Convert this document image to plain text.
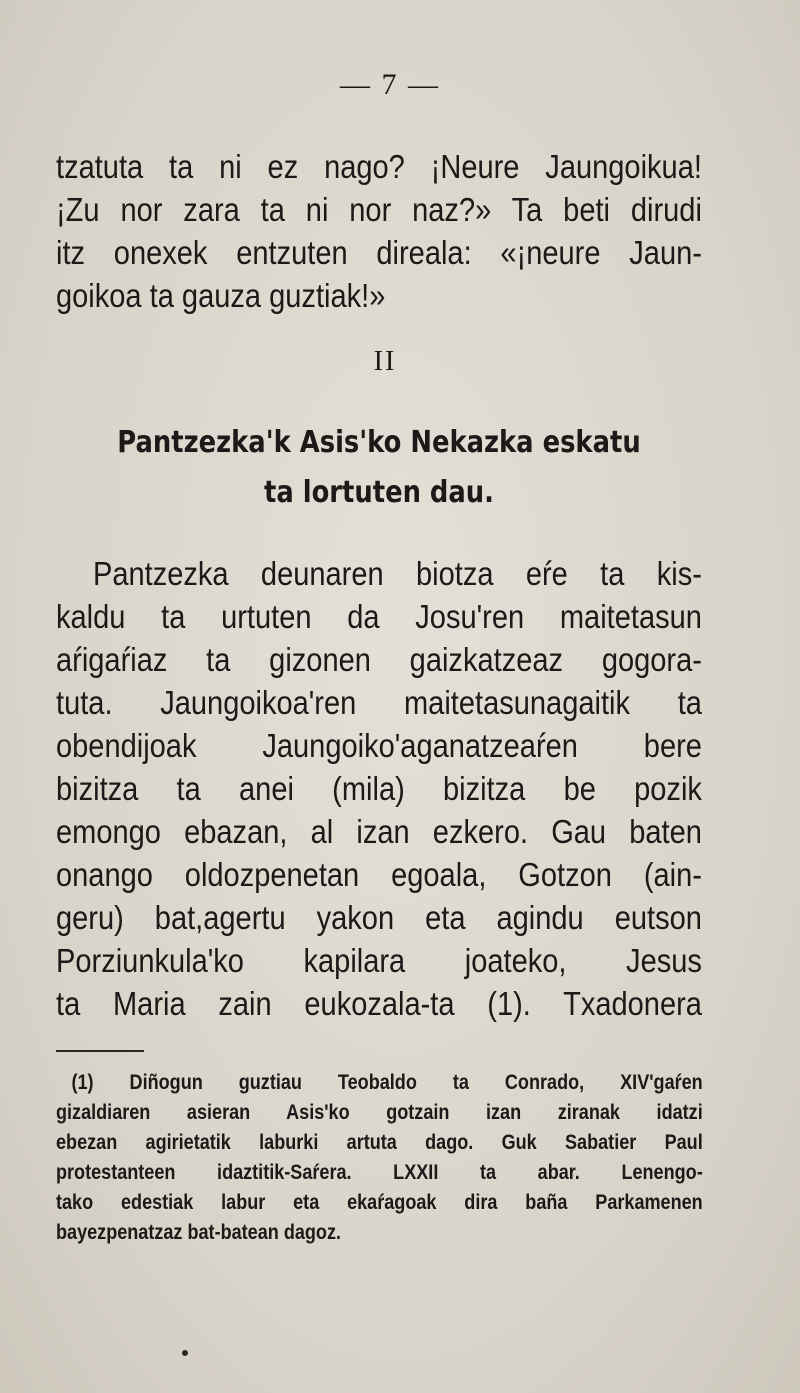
— 7 —
tzatuta ta ni ez nago? ¡Neure Jaungoikua!
¡Zu nor zara ta ni nor naz?» Ta beti dirudi
itz onexek entzuten direala: «¡neure Jaun-
goikoa ta gauza guztiak!»
II
Pantzezka'k Asis'ko Nekazka eskatu
ta lortuten dau.
Pantzezka deunaren biotza eŕe ta kis-
kaldu ta urtuten da Josu'ren maitetasun
aŕigaŕiaz ta gizonen gaizkatzeaz gogora-
tuta. Jaungoikoa'ren maitetasunagaitik ta
obendijoak Jaungoiko'aganatzeaŕen bere
bizitza ta anei (mila) bizitza be pozik
emongo ebazan, al izan ezkero. Gau baten
onango oldozpenetan egoala, Gotzon (ain-
geru) bat,agertu yakon eta agindu eutson
Porziunkula'ko kapilara joateko, Jesus
ta Maria zain eukozala-ta (1). Txadonera
(1) Diñogun guztiau Teobaldo ta Conrado, XIV'gaŕen
gizaldiaren asieran Asis'ko gotzain izan ziranak idatzi
ebezan agirietatik laburki artuta dago. Guk Sabatier Paul
protestanteen idaztitik-Saŕera. LXXII ta abar. Lenengo-
tako edestiak labur eta ekaŕagoak dira baña Parkamenen
bayezpenatzaz bat-batean dagoz.
